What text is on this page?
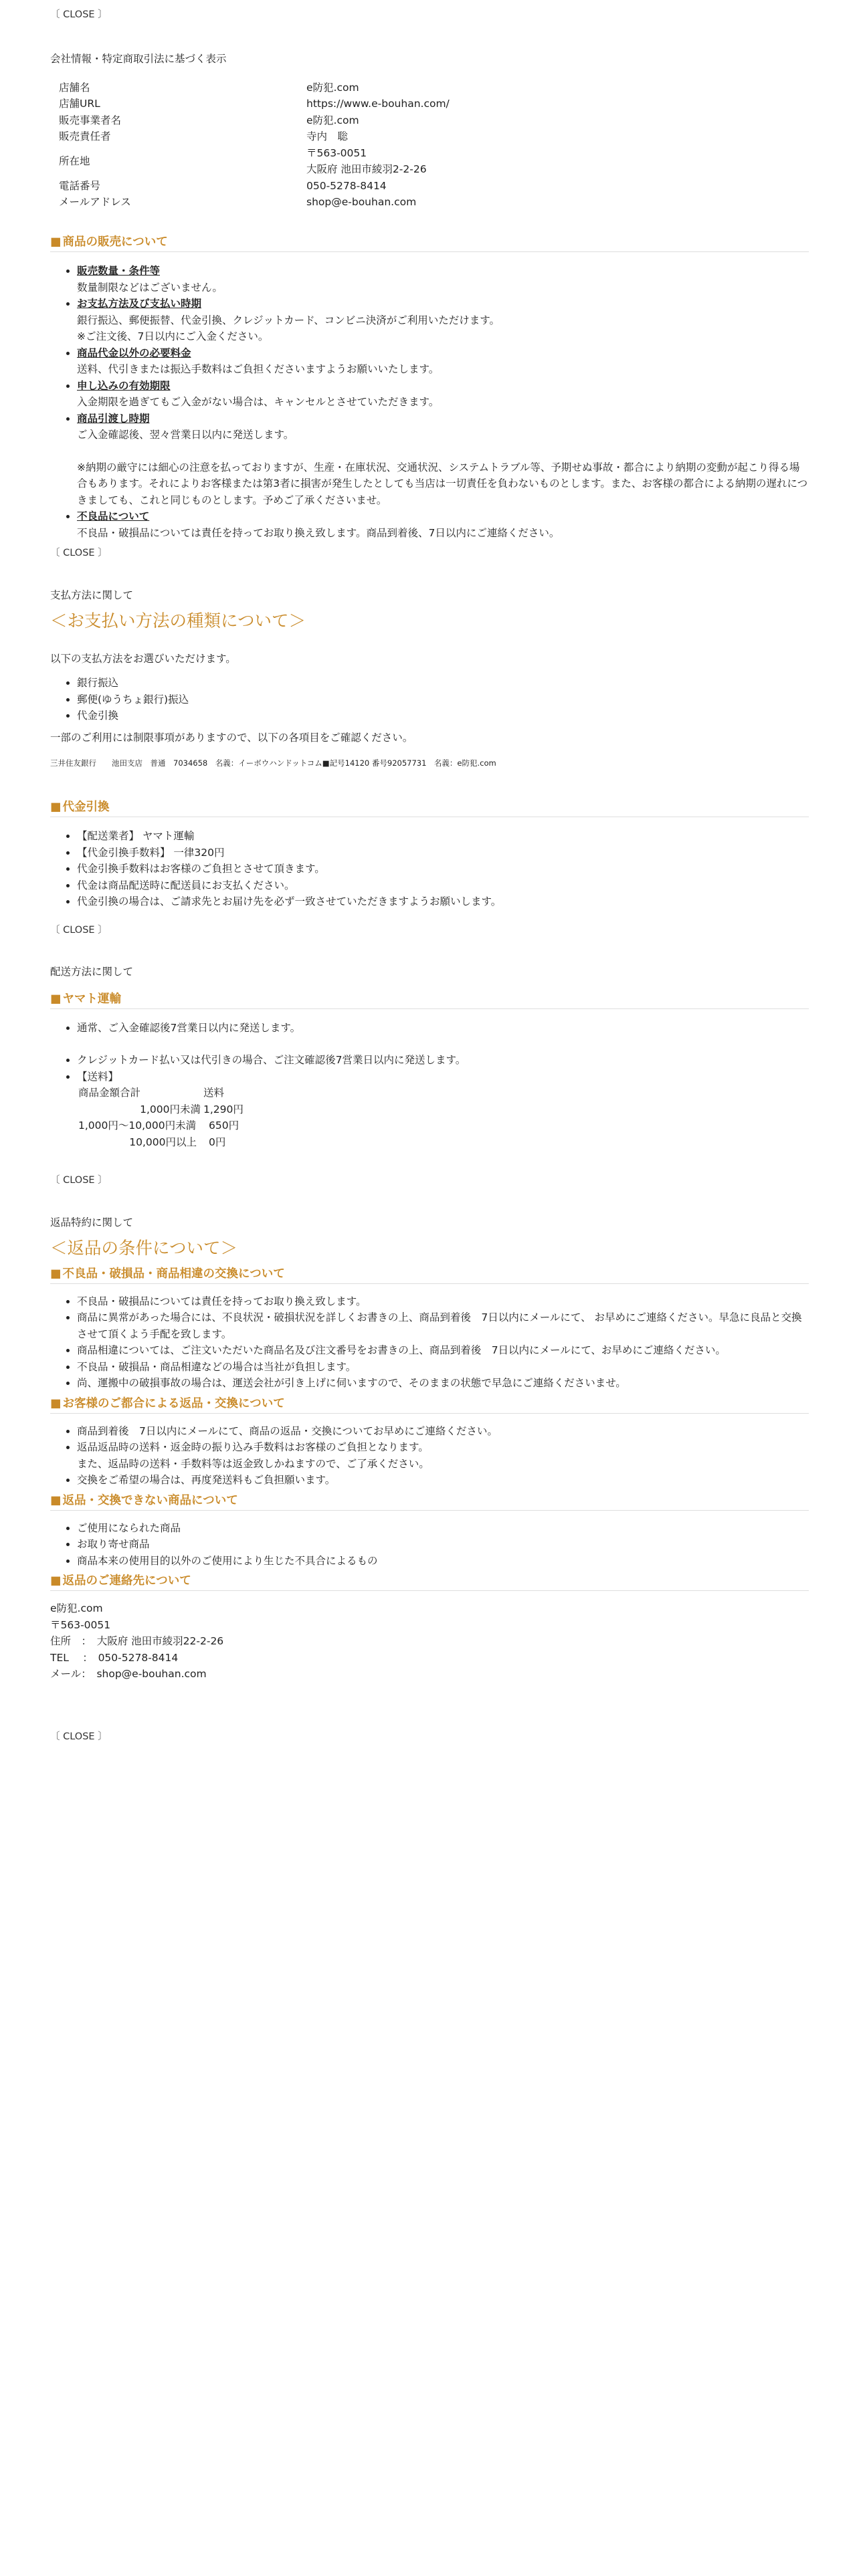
〔 CLOSE 〕
会社情報・特定商取引法に基づく表示
店舗名	e防犯.com
店舗URL	https://www.e-bouhan.com/
販売事業者名	e防犯.com
販売責任者	寺内　聡
所在地	〒563-0051
大阪府 池田市綾羽2-2-26

電話番号	050-5278-8414
メールアドレス	shop@e-bouhan.com
■ 商品の販売について
• 販売数量・条件等
数量制限などはございません。
• お支払方法及び支払い時期
銀行振込、郵便振替、代金引換、クレジットカード、コンビニ決済がご利用いただけます。
※ご注文後、7日以内にご入金ください。
• 商品代金以外の必要料金
送料、代引きまたは振込手数料はご負担くださいますようお願いいたします。
• 申し込みの有効期限
入金期限を過ぎてもご入金がない場合は、キャンセルとさせていただきます。
• 商品引渡し時期
ご入金確認後、翌々営業日以内に発送します。
※納期の厳守には細心の注意を払っておりますが、生産・在庫状況、交通状況、システムトラブル等、予期せぬ事故・都合により納期の変動が起こり得る場合もあります。それによりお客様または第3者に損害が発生したとしても当店は一切責任を負わないものとします。また、お客様の都合による納期の遅れにつきましても、これと同じものとします。予めご了承くださいませ。
• 不良品について
不良品・破損品については責任を持ってお取り換え致します。商品到着後、7日以内にご連絡ください。
〔 CLOSE 〕
支払方法に関して
＜お支払い方法の種類について＞
以下の支払方法をお選びいただけます。
• 銀行振込
• 郵便(ゆうちょ銀行)振込
• 代金引換
一部のご利用には制限事項がありますので、以下の各項目をご確認ください。
三井住友銀行　　池田支店　普通　7034658　名義：イーボウハンドットコム■記号14120 番号92057731　名義：e防犯.com
■ 代金引換
• 【配送業者】 ヤマト運輸
• 【代金引換手数料】 一律320円
• 代金引換手数料はお客様のご負担とさせて頂きます。
• 代金は商品配送時に配送員にお支払ください。
• 代金引換の場合は、ご請求先とお届け先を必ず一致させていただきますようお願いします。
〔 CLOSE 〕
配送方法に関して
■ ヤマト運輸
• 通常、ご入金確認後7営業日以内に発送します。
• クレジットカード払い又は代引きの場合、ご注文確認後7営業日以内に発送します。
• 【送料】
商品金額合計	送料
1,000円未満	1,290円
1,000円〜10,000円未満	650円
10,000円以上	0円
〔 CLOSE 〕
返品特約に関して
＜返品の条件について＞
■ 不良品・破損品・商品相違の交換について
• 不良品・破損品については責任を持ってお取り換え致します。
• 商品に異常があった場合には、不良状況・破損状況を詳しくお書きの上、商品到着後　7日以内にメールにて、 お早めにご連絡ください。早急に良品と交換させて頂くよう手配を致します。
• 商品相違については、ご注文いただいた商品名及び注文番号をお書きの上、商品到着後　7日以内にメールにて、お早めにご連絡ください。
• 不良品・破損品・商品相違などの場合は当社が負担します。
• 尚、運搬中の破損事故の場合は、運送会社が引き上げに伺いますので、そのままの状態で早急にご連絡くださいませ。
■ お客様のご都合による返品・交換について
• 商品到着後　7日以内にメールにて、商品の返品・交換についてお早めにご連絡ください。
• 返品返品時の送料・返金時の振り込み手数料はお客様のご負担となります。
また、返品時の送料・手数料等は返金致しかねますので、ご了承ください。
• 交換をご希望の場合は、再度発送料もご負担願います。
■ 返品・交換できない商品について
• ご使用になられた商品
• お取り寄せ商品
• 商品本来の使用目的以外のご使用により生じた不具合によるもの
■ 返品のご連絡先について
e防犯.com
〒563-0051
住所　：　大阪府 池田市綾羽22-2-26
TEL　 ：　050-5278-8414
メール：　shop@e-bouhan.com
〔 CLOSE 〕
